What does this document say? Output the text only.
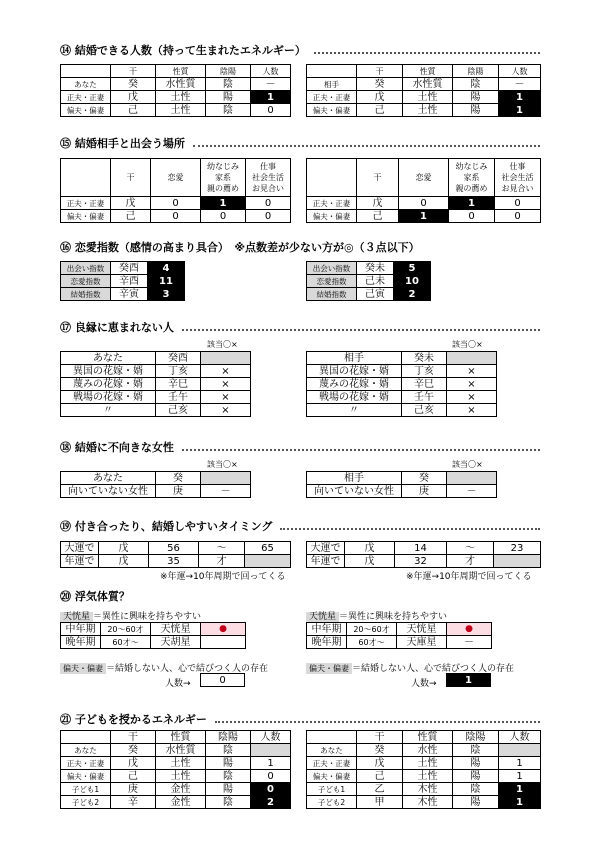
⑭ 結婚できる人数（持って生まれたエネルギー）
	干	性質	陰陽	人数
あなた	癸	水性質	陰	－
正夫・正妻	戊	土性	陽	1
偏夫・偏妻	己	土性	陰	0
	干	性質	陰陽	人数
相手	癸	水性質	陰	－
正夫・正妻	戊	土性	陽	1
偏夫・偏妻	己	土性	陽	1
⑮ 結婚相手と出会う場所
	干	恋愛	幼なじみ
家系
親の薦め	仕事
社会生活
お見合い
正夫・正妻	戊	0	1	0
偏夫・偏妻	己	0	0	0
	干	恋愛	幼なじみ
家系
親の薦め	仕事
社会生活
お見合い
正夫・正妻	戊	0	1	0
偏夫・偏妻	己	1	0	0
⑯ 恋愛指数（感情の高まり具合）　※点数差が少ない方が◎（３点以下）
出会い指数	癸酉	4
恋愛指数	辛酉	11
結婚指数	辛寅	3
出会い指数	癸未	5
恋愛指数	己未	10
結婚指数	己寅	2
⑰ 良縁に恵まれない人
該当〇×	該当〇×
あなた	癸酉	
異国の花嫁・婿	丁亥	×
蔑みの花嫁・婿	辛巳	×
戦場の花嫁・婿	壬午	×
〃	己亥	×
相手	癸未	
異国の花嫁・婿	丁亥	×
蔑みの花嫁・婿	辛巳	×
戦場の花嫁・婿	壬午	×
〃	己亥	×
⑱ 結婚に不向きな女性
該当〇×	該当〇×
あなた	癸	
向いていない女性	庚	－
相手	癸	
向いていない女性	庚	－
⑲ 付き合ったり、結婚しやすいタイミング
大運で	戊	56	～	65
年運で	戊	35	才	
大運で	戊	14	～	23
年運で	戊	32	才	
※年運→10年周期で回ってくる	※年運→10年周期で回ってくる
⑳ 浮気体質？
天恍星 ＝異性に興味を持ちやすい	天恍星 ＝異性に興味を持ちやすい
中年期	20～60才	天恍星	●
晩年期	60才～	天胡星	
中年期	20～60才	天恍星	●
晩年期	60才～	天庫星	－
偏夫・偏妻 ＝結婚しない人、心で結びつく人の存在	偏夫・偏妻 ＝結婚しない人、心で結びつく人の存在
人数→	人数→
0	1
㉑ 子どもを授かるエネルギー
	干	性質	陰陽	人数
あなた	癸	水性質	陰	
正夫・正妻	戊	土性	陽	1
偏夫・偏妻	己	土性	陰	0
子ども1	庚	金性	陽	0
子ども2	辛	金性	陰	2
	干	性質	陰陽	人数
あなた	癸	水性	陰	
正夫・正妻	戊	土性	陽	1
偏夫・偏妻	己	土性	陽	1
子ども1	乙	木性	陰	1
子ども2	甲	木性	陽	1
